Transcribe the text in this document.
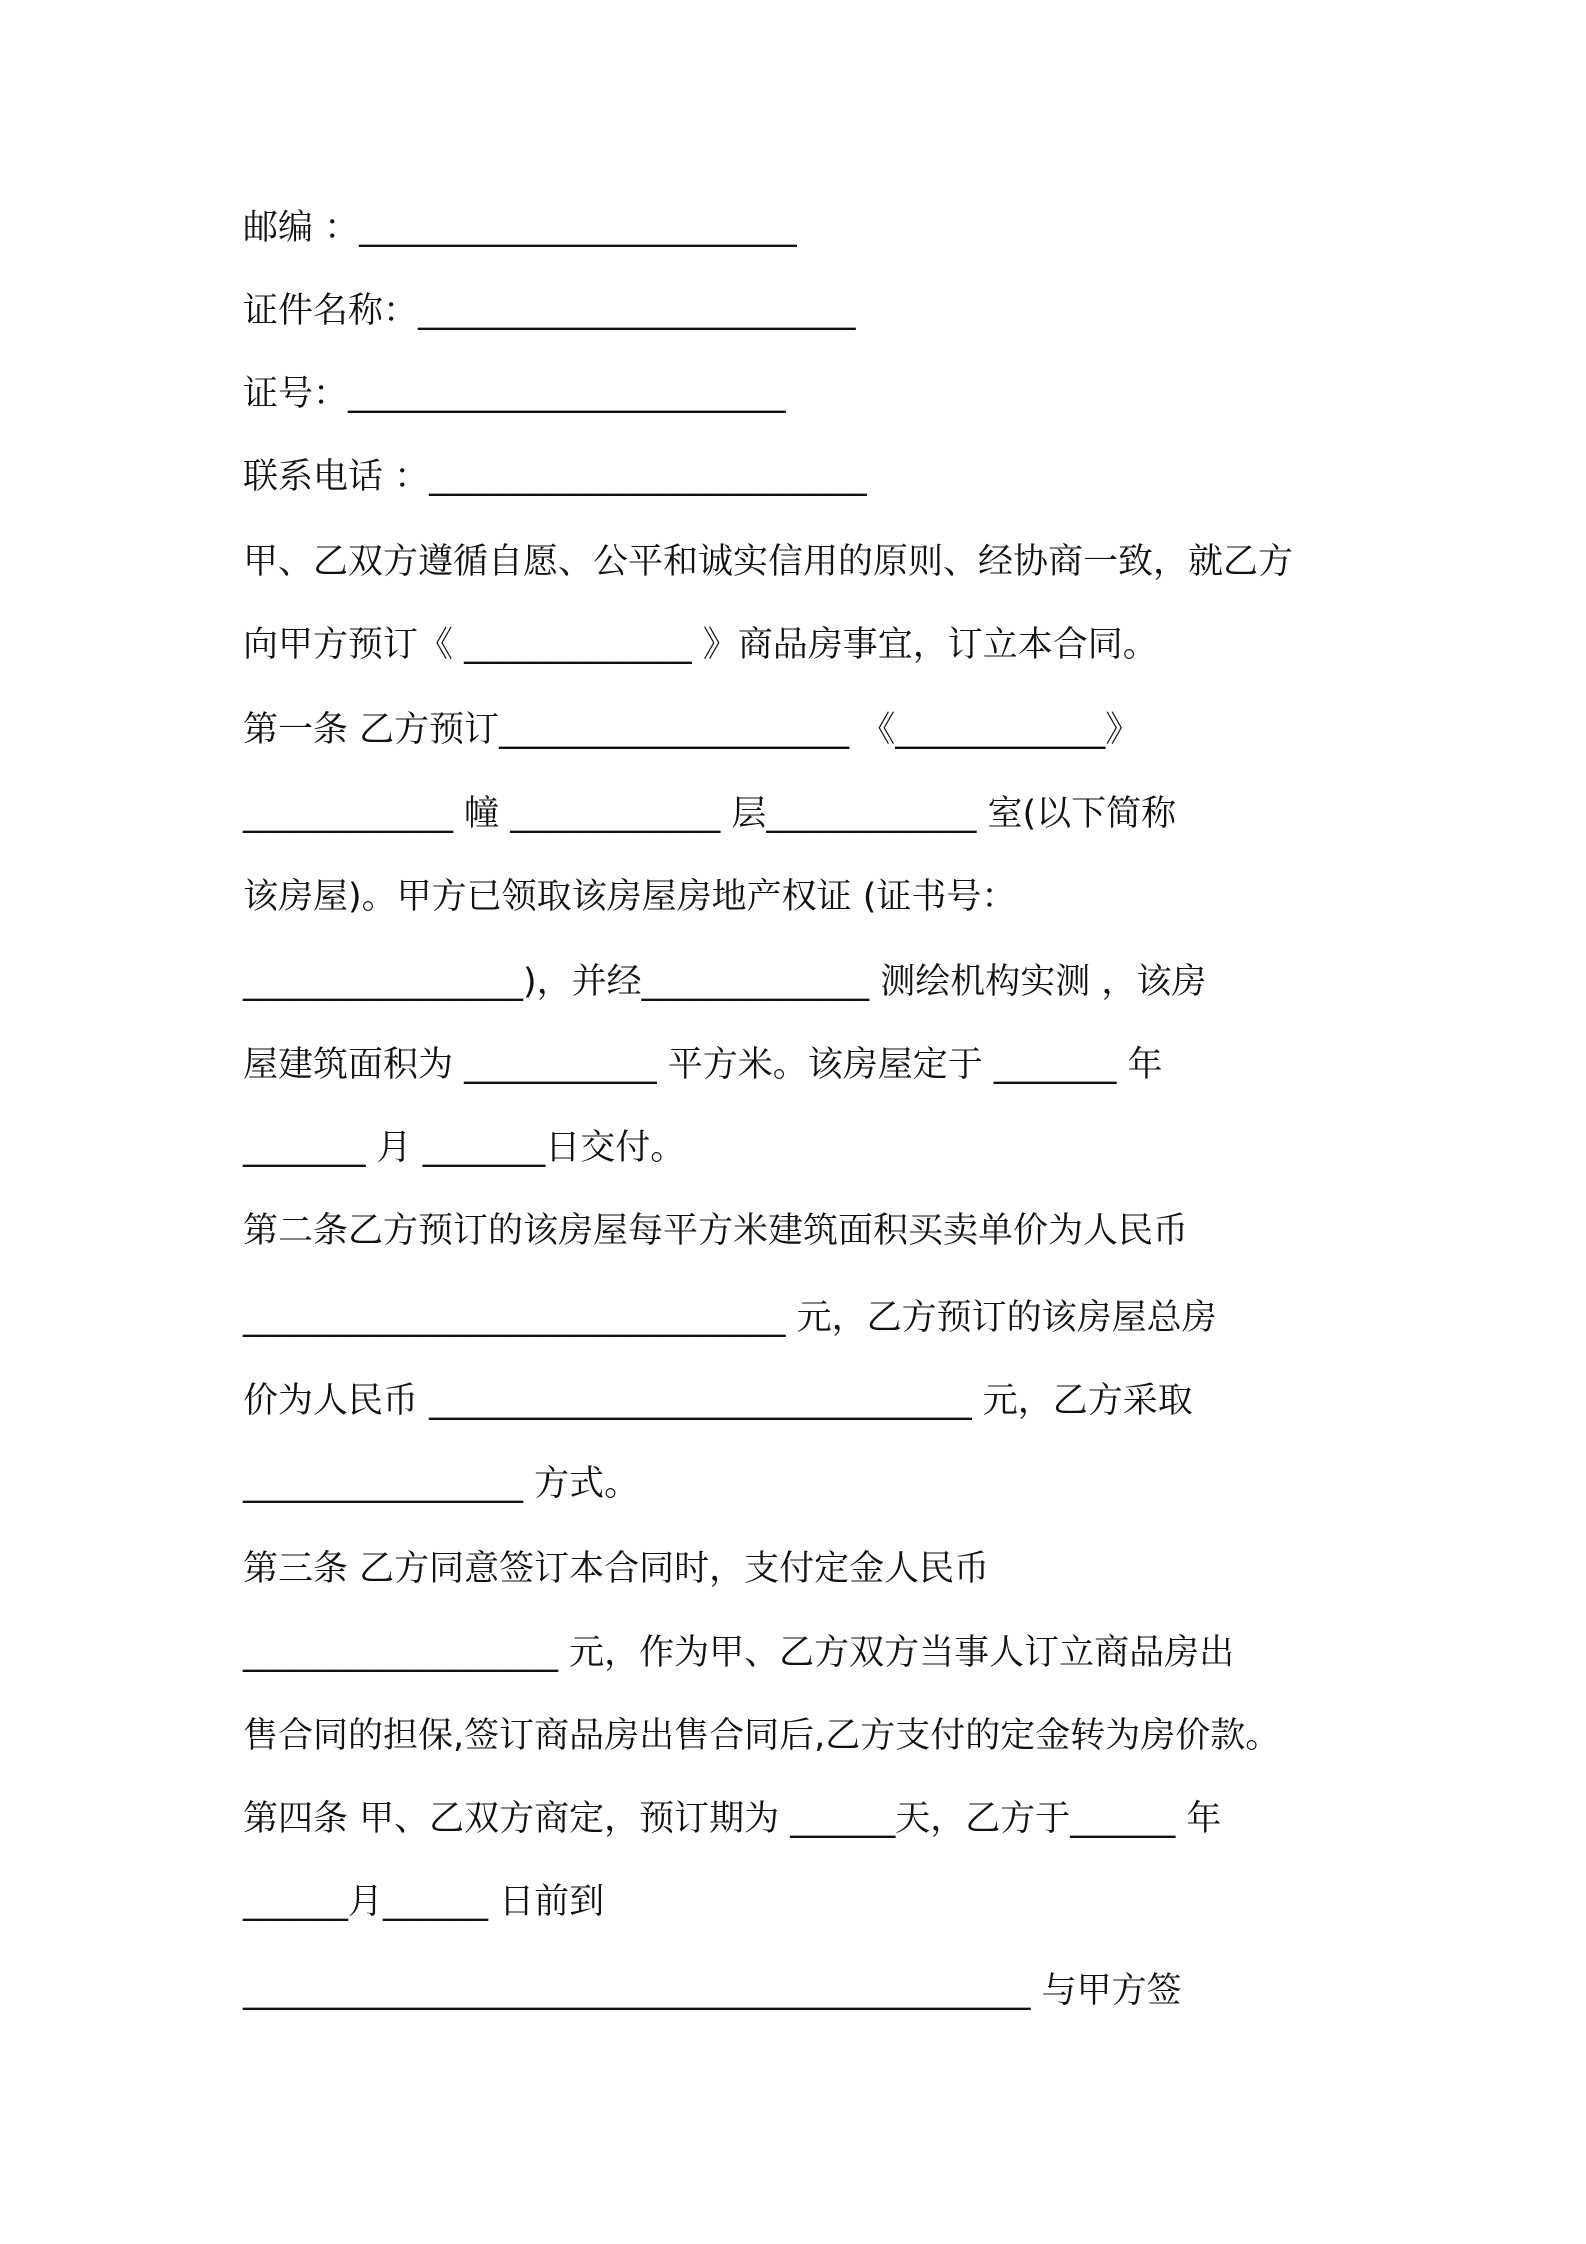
邮编 ：_________________________

证件名称：_________________________

证号：_________________________

联系电话 ：_________________________

甲、乙双方遵循自愿、公平和诚实信用的原则、经协商一致，就乙方

向甲方预订《 _____________ 》商品房事宜，订立本合同。

第一条 乙方预订____________________ 《____________》

____________ 幢 ____________ 层____________ 室(以下简称

该房屋)。甲方已领取该房屋房地产权证 (证书号：

________________)，并经_____________ 测绘机构实测 ，该房

屋建筑面积为 ___________ 平方米。该房屋定于 _______ 年

_______ 月 _______日交付。

第二条乙方预订的该房屋每平方米建筑面积买卖单价为人民币

_______________________________ 元，乙方预订的该房屋总房

价为人民币 _______________________________ 元，乙方采取

________________ 方式。

第三条 乙方同意签订本合同时，支付定金人民币

__________________ 元，作为甲、乙方双方当事人订立商品房出

售合同的担保,签订商品房出售合同后,乙方支付的定金转为房价款。

第四条 甲、乙双方商定，预订期为 ______天，乙方于______ 年

______月______ 日前到

_____________________________________________ 与甲方签
